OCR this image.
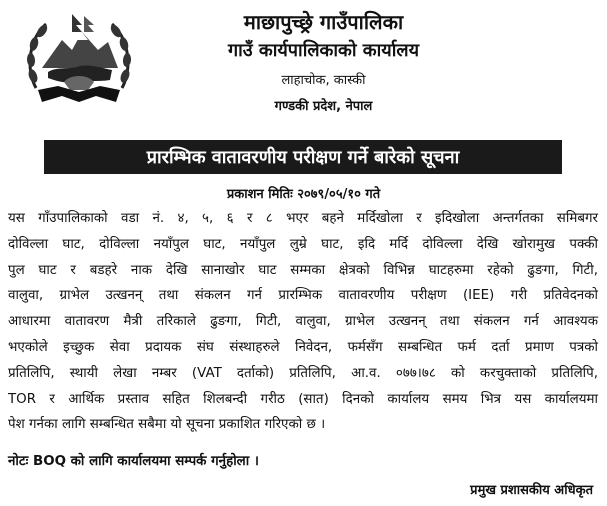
माछापुच्छ्रे गाउँपालिका
गाउँ कार्यपालिकाको कार्यालय
लाहाचोक, कास्की
गण्डकी प्रदेश, नेपाल
प्रारम्भिक वातावरणीय परीक्षण गर्ने बारेको सूचना
प्रकाशन मितिः २०७९/०५/१० गते
यस गाँउपालिकाको वडा नं. ४, ५, ६ र ८ भएर बहने मर्दिखोला र इदिखोला अन्तर्गतका समिबगर
दोविल्ला घाट, दोविल्ला नयाँपुल घाट, नयाँपुल लुम्रे घाट, इदि मर्दि दोविल्ला देखि खोरामुख पक्की
पुल घाट र बडहरे नाक देखि सानाखोर घाट सम्मका क्षेत्रको विभिन्न घाटहरुमा रहेको ढुङगा, गिटी,
वालुवा, ग्राभेल उत्खनन् तथा संकलन गर्न प्रारम्भिक वातावरणीय परीक्षण (IEE) गरी प्रतिवेदनको
आधारमा वातावरण मैत्री तरिकाले ढुङगा, गिटी, वालुवा, ग्राभेल उत्खनन् तथा संकलन गर्न आवश्यक
भएकोले इच्छुक सेवा प्रदायक संघ संस्थाहरुले निवेदन, फर्मसँग सम्बन्धित फर्म दर्ता प्रमाण पत्रको
प्रतिलिपि, स्थायी लेखा नम्बर (VAT दर्ताको) प्रतिलिपि, आ.व. ०७७।७८ को करचुक्ताको प्रतिलिपि,
TOR र आर्थिक प्रस्ताव सहित शिलबन्दी गरीठ (सात) दिनको कार्यालय समय भित्र यस कार्यालयमा
पेश गर्नका लागि सम्बन्धित सबैमा यो सूचना प्रकाशित गरिएको छ ।
नोटः BOQ को लागि कार्यालयमा सम्पर्क गर्नुहोला ।
प्रमुख प्रशासकीय अधिकृत
